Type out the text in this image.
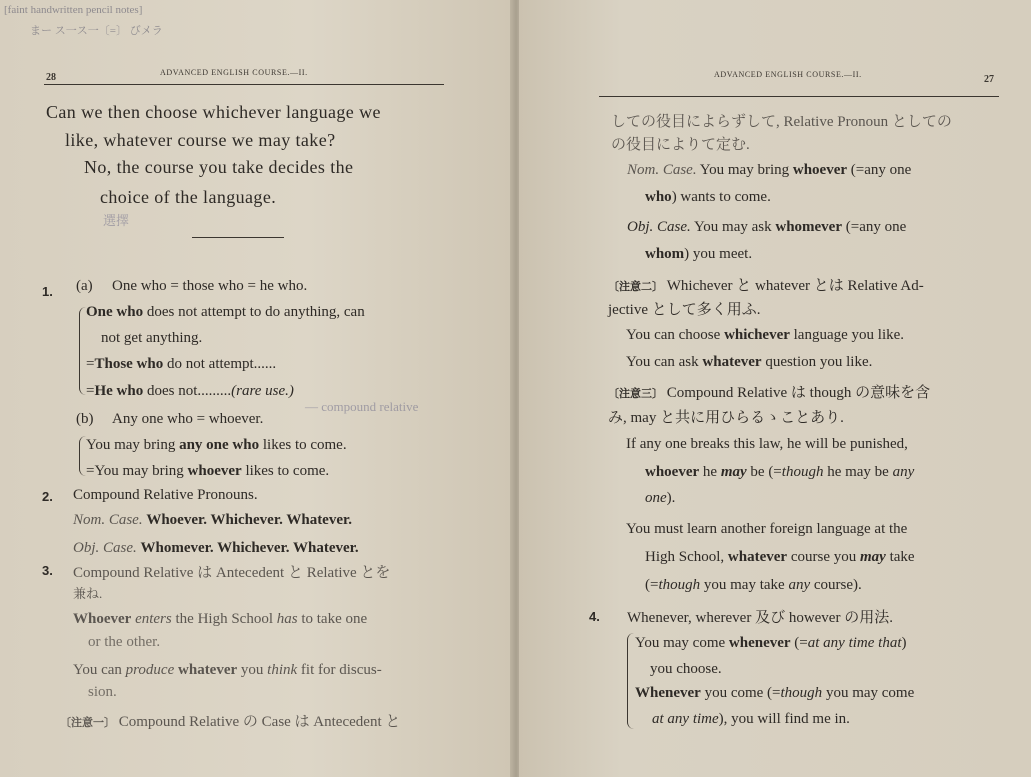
[faint handwritten pencil notes]
まー ス一ス一〔=〕 びメラ
28	ADVANCED ENGLISH COURSE.—II.
Can we then choose whichever language we
like, whatever course we may take?
No, the course you take decides the
choice of the language.
選擇
1. (a) One who = those who = he who.
One who does not attempt to do anything, can
not get anything.
=Those who do not attempt......
=He who does not.........(rare use.)
(b) Any one who = whoever.
— compound relative
You may bring any one who likes to come.
=You may bring whoever likes to come.
2. Compound Relative Pronouns.
Nom. Case. Whoever. Whichever. Whatever.
Obj. Case. Whomever. Whichever. Whatever.
3. Compound Relative は Antecedent と Relative とを
兼ね.
Whoever enters the High School has to take one
or the other.
You can produce whatever you think fit for discus-
sion.
〔注意一〕 Compound Relative の Case は Antecedent と
ADVANCED ENGLISH COURSE.—II.	27
しての役目によらずして, Relative Pronoun としての
の役目によりて定む.
Nom. Case. You may bring whoever (=any one
who) wants to come.
Obj. Case. You may ask whomever (=any one
whom) you meet.
〔注意二〕 Whichever と whatever とは Relative Ad-
jective として多く用ふ.
You can choose whichever language you like.
You can ask whatever question you like.
〔注意三〕 Compound Relative は though の意味を含
み, may と共に用ひらるゝことあり.
If any one breaks this law, he will be punished,
whoever he may be (=though he may be any
one).
You must learn another foreign language at the
High School, whatever course you may take
(=though you may take any course).
4. Whenever, wherever 及び however の用法.
You may come whenever (=at any time that)
you choose.
Whenever you come (=though you may come
at any time), you will find me in.
